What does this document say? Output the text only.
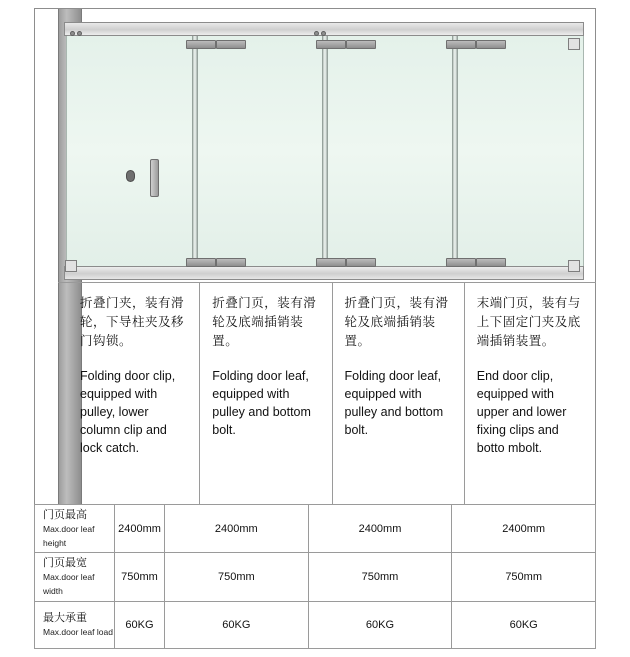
折叠门夹，装有滑轮，下导柱夹及移门钩锁。

Folding door clip, equipped with pulley, lower column clip and lock catch.

折叠门页，装有滑轮及底端插销装置。

Folding door leaf, equipped with pulley and bottom bolt.

折叠门页，装有滑轮及底端插销装置。

Folding door leaf, equipped with pulley and bottom bolt.

末端门页，装有与上下固定门夹及底端插销装置。

End door clip, equipped with upper and lower fixing clips and botto mbolt.

门页最高
Max.door leaf height	2400mm	2400mm	2400mm	2400mm

门页最宽
Max.door leaf width	750mm	750mm	750mm	750mm

最大承重
Max.door leaf load	60KG	60KG	60KG	60KG
